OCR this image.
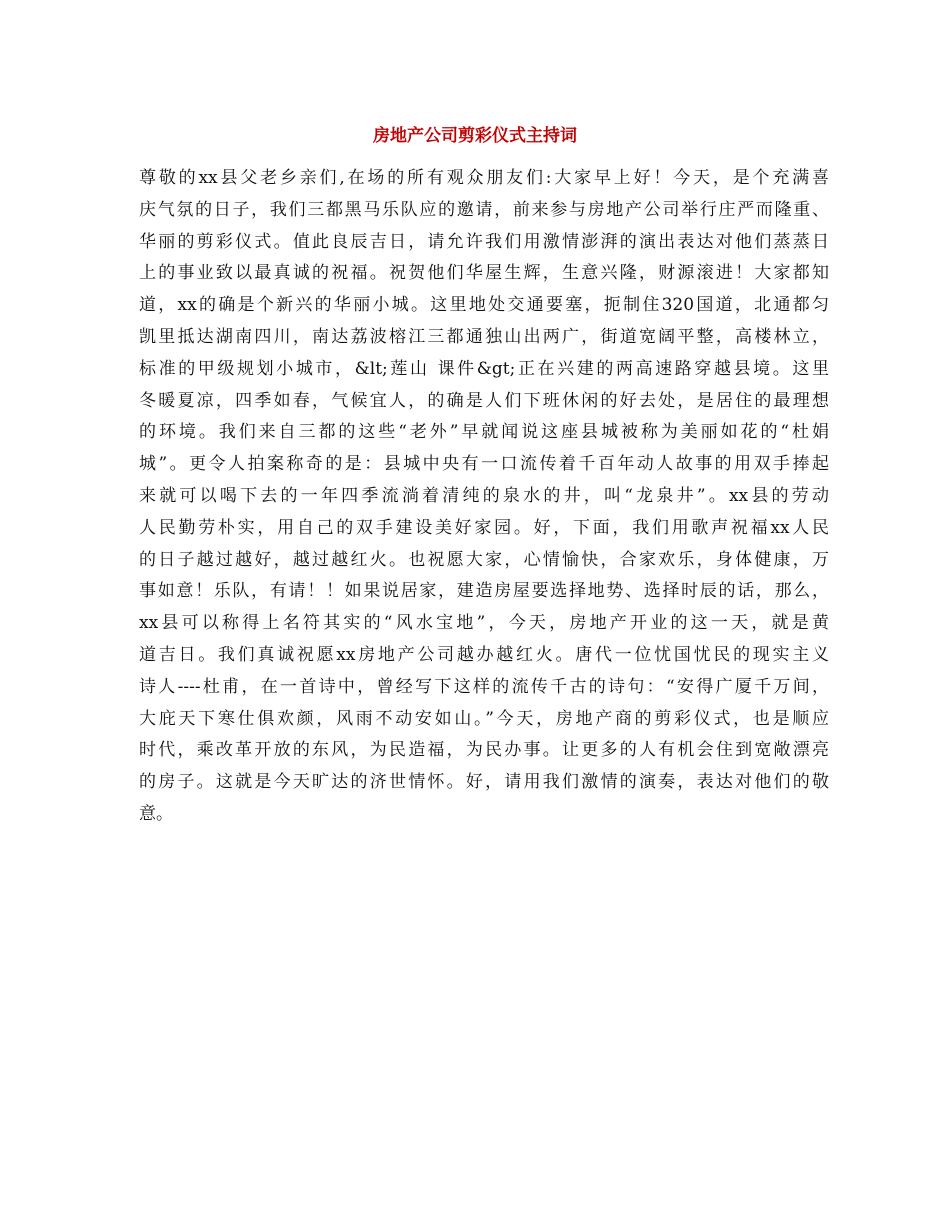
房地产公司剪彩仪式主持词
尊敬的xx县父老乡亲们,在场的所有观众朋友们:大家早上好！今天，是个充满喜
庆气氛的日子，我们三都黑马乐队应的邀请，前来参与房地产公司举行庄严而隆重、
华丽的剪彩仪式。值此良辰吉日，请允许我们用激情澎湃的演出表达对他们蒸蒸日
上的事业致以最真诚的祝福。祝贺他们华屋生辉，生意兴隆，财源滚进！大家都知
道，xx的确是个新兴的华丽小城。这里地处交通要塞，扼制住320国道，北通都匀
凯里抵达湖南四川，南达荔波榕江三都通独山出两广，街道宽阔平整，高楼林立，
标准的甲级规划小城市，&lt;莲山 课件&gt;正在兴建的两高速路穿越县境。这里
冬暖夏凉，四季如春，气候宜人，的确是人们下班休闲的好去处，是居住的最理想
的环境。我们来自三都的这些“老外”早就闻说这座县城被称为美丽如花的“杜娟
城”。更令人拍案称奇的是：县城中央有一口流传着千百年动人故事的用双手捧起
来就可以喝下去的一年四季流淌着清纯的泉水的井，叫“龙泉井”。xx县的劳动
人民勤劳朴实，用自己的双手建设美好家园。好，下面，我们用歌声祝福xx人民
的日子越过越好，越过越红火。也祝愿大家，心情愉快，合家欢乐，身体健康，万
事如意！乐队，有请！！如果说居家，建造房屋要选择地势、选择时辰的话，那么，
xx县可以称得上名符其实的“风水宝地”，今天，房地产开业的这一天，就是黄
道吉日。我们真诚祝愿xx房地产公司越办越红火。唐代一位忧国忧民的现实主义
诗人----杜甫，在一首诗中，曾经写下这样的流传千古的诗句：“安得广厦千万间，
大庇天下寒仕俱欢颜，风雨不动安如山。”今天，房地产商的剪彩仪式，也是顺应
时代，乘改革开放的东风，为民造福，为民办事。让更多的人有机会住到宽敞漂亮
的房子。这就是今天旷达的济世情怀。好，请用我们激情的演奏，表达对他们的敬
意。
